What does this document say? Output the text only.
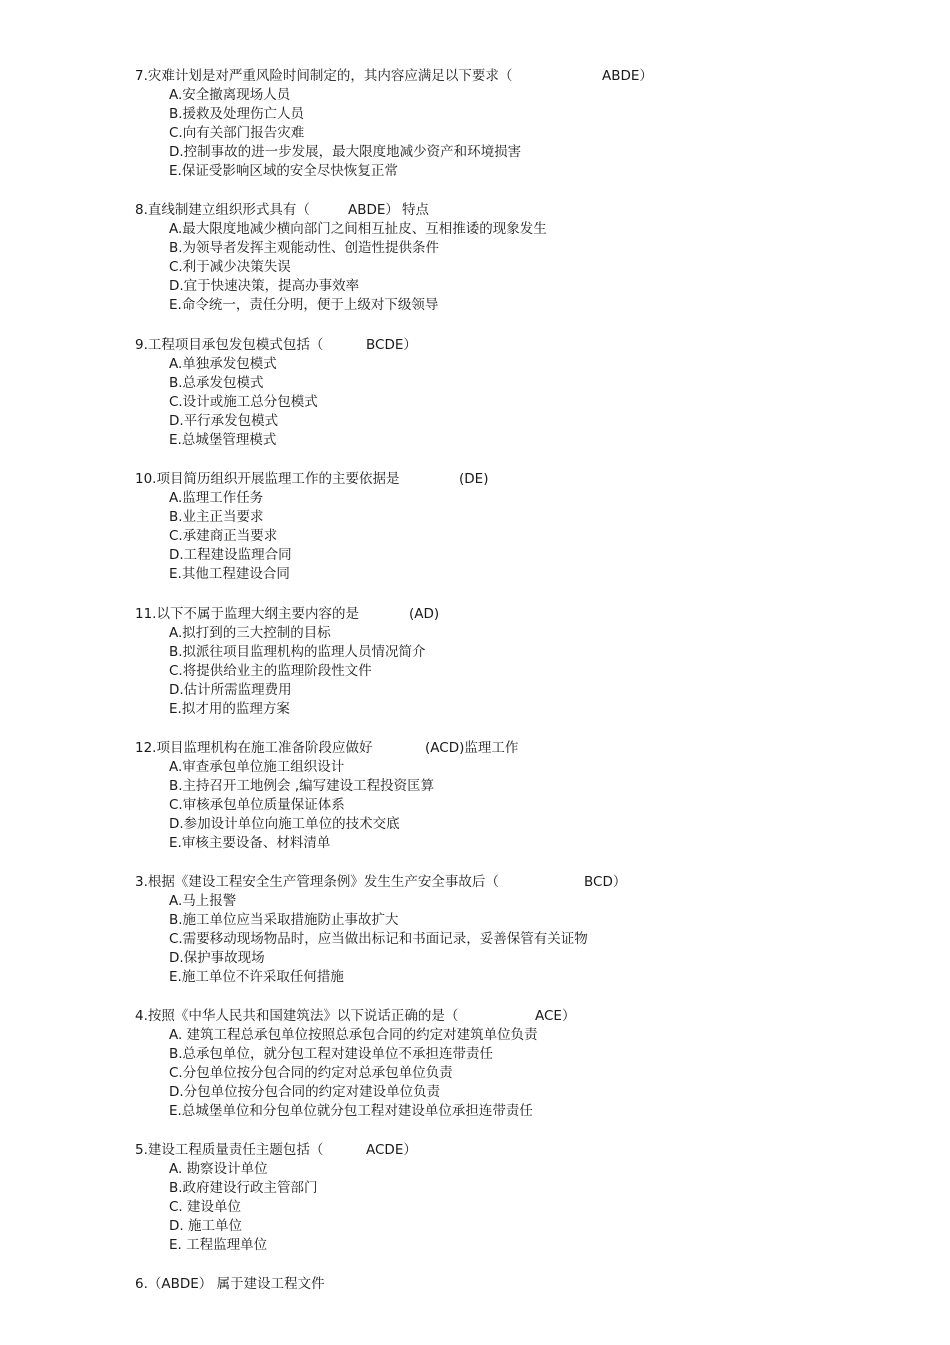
7.灾难计划是对严重风险时间制定的，其内容应满足以下要求（	ABDE）
A.安全撤离现场人员
B.援救及处理伤亡人员
C.向有关部门报告灾难
D.控制事故的进一步发展，最大限度地减少资产和环境损害
E.保证受影响区域的安全尽快恢复正常
8.直线制建立组织形式具有（	ABDE） 特点
A.最大限度地减少横向部门之间相互扯皮、互相推诿的现象发生
B.为领导者发挥主观能动性、创造性提供条件
C.利于减少决策失误
D.宜于快速决策，提高办事效率
E.命令统一，责任分明，便于上级对下级领导
9.工程项目承包发包模式包括（	BCDE）
A.单独承发包模式
B.总承发包模式
C.设计或施工总分包模式
D.平行承发包模式
E.总城堡管理模式
10.项目简历组织开展监理工作的主要依据是	(DE)
A.监理工作任务
B.业主正当要求
C.承建商正当要求
D.工程建设监理合同
E.其他工程建设合同
11.以下不属于监理大纲主要内容的是	(AD)
A.拟打到的三大控制的目标
B.拟派往项目监理机构的监理人员情况简介
C.将提供给业主的监理阶段性文件
D.估计所需监理费用
E.拟才用的监理方案
12.项目监理机构在施工准备阶段应做好	(ACD)监理工作
A.审查承包单位施工组织设计
B.主持召开工地例会 ,编写建设工程投资匡算
C.审核承包单位质量保证体系
D.参加设计单位向施工单位的技术交底
E.审核主要设备、材料清单
3.根据《建设工程安全生产管理条例》发生生产安全事故后（	BCD）
A.马上报警
B.施工单位应当采取措施防止事故扩大
C.需要移动现场物品时，应当做出标记和书面记录，妥善保管有关证物
D.保护事故现场
E.施工单位不许采取任何措施
4.按照《中华人民共和国建筑法》以下说话正确的是（	ACE）
A. 建筑工程总承包单位按照总承包合同的约定对建筑单位负责
B.总承包单位，就分包工程对建设单位不承担连带责任
C.分包单位按分包合同的约定对总承包单位负责
D.分包单位按分包合同的约定对建设单位负责
E.总城堡单位和分包单位就分包工程对建设单位承担连带责任
5.建设工程质量责任主题包括（	ACDE）
A. 勘察设计单位
B.政府建设行政主管部门
C. 建设单位
D. 施工单位
E. 工程监理单位
6.（ABDE） 属于建设工程文件
